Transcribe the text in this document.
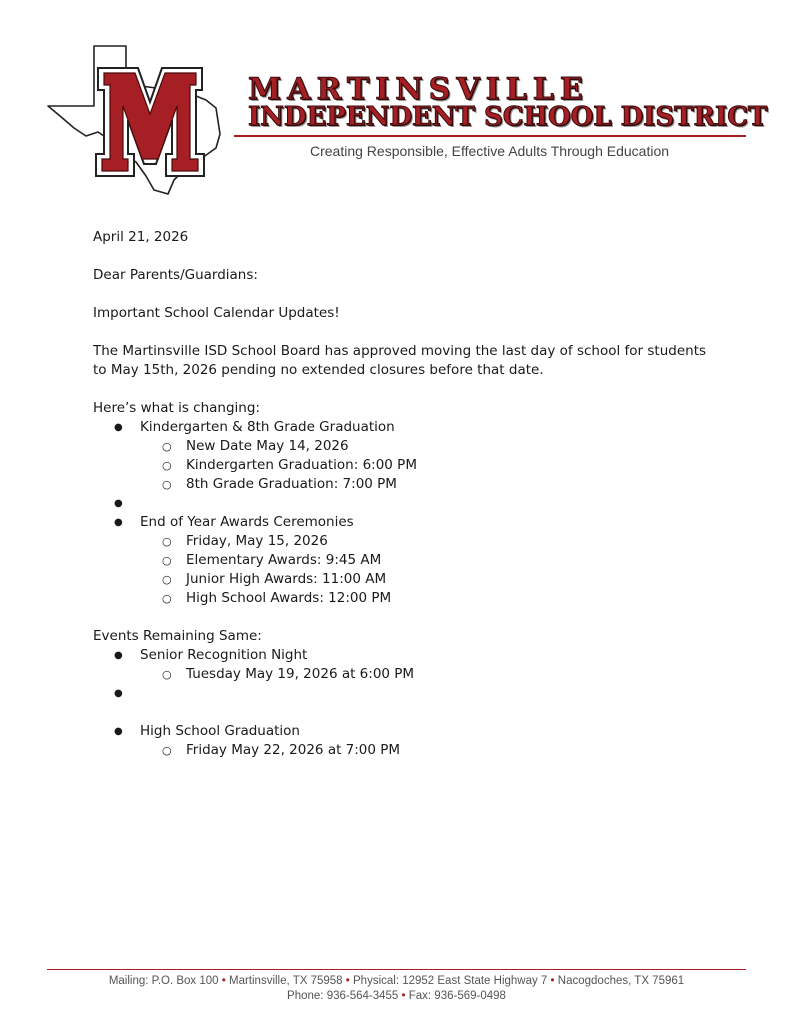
MARTINSVILLE
INDEPENDENT SCHOOL DISTRICT
Creating Responsible, Effective Adults Through Education

April 21, 2026

Dear Parents/Guardians:

Important School Calendar Updates!

The Martinsville ISD School Board has approved moving the last day of school for students to May 15th, 2026 pending no extended closures before that date.

Here’s what is changing:

● Kindergarten & 8th Grade Graduation
○ New Date May 14, 2026
○ Kindergarten Graduation: 6:00 PM
○ 8th Grade Graduation: 7:00 PM
●
● End of Year Awards Ceremonies
○ Friday, May 15, 2026
○ Elementary Awards: 9:45 AM
○ Junior High Awards: 11:00 AM
○ High School Awards: 12:00 PM

Events Remaining Same:

● Senior Recognition Night
○ Tuesday May 19, 2026 at 6:00 PM
●
● High School Graduation
○ Friday May 22, 2026 at 7:00 PM
Mailing: P.O. Box 100 • Martinsville, TX 75958 • Physical: 12952 East State Highway 7 • Nacogdoches, TX 75961
Phone: 936-564-3455 • Fax: 936-569-0498
